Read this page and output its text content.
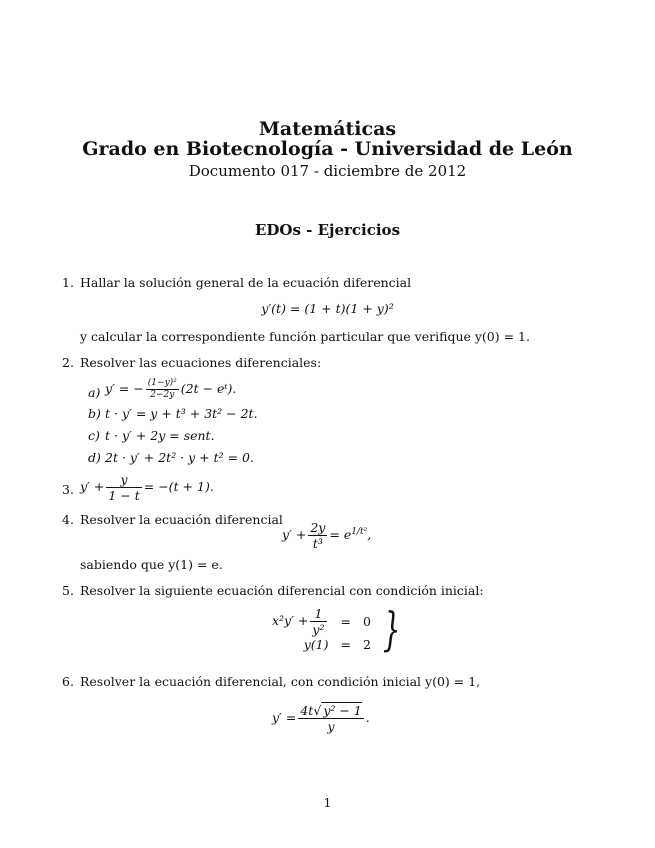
Matemáticas
Grado en Biotecnología - Universidad de León
Documento 017 - diciembre de 2012
EDOs - Ejercicios
1. Hallar la solución general de la ecuación diferencial
y′(t) = (1 + t)(1 + y)²
y calcular la correspondiente función particular que verifique y(0) = 1.
2. Resolver las ecuaciones diferenciales:
a) y′ = − $\frac{\text{(1−y)²}}{2-2y} (2t$ − eᵗ).
b) t · y′ = y + t³ + 3t² − 2t.
c) t · y′ + 2y = sent.
d) 2t · y′ + 2t² · y + t² = 0.
3. $y' + \frac{y}{1 - t} = -(t + 1)$.
4. Resolver la ecuación diferencial
$y' + \frac{2y}{\text{t³}} = e^{1/t^2}$,
sabiendo que y(1) = e.
5. Resolver la siguiente ecuación diferencial con condición inicial:
$x^2y' + \frac{1}{\text{y²}}$	=	0
y(1)	=	2 }
6. Resolver la ecuación diferencial, con condición inicial y(0) = 1,
$y' = \frac{\text{4t√ y² − 1}}{y}$ .
1
